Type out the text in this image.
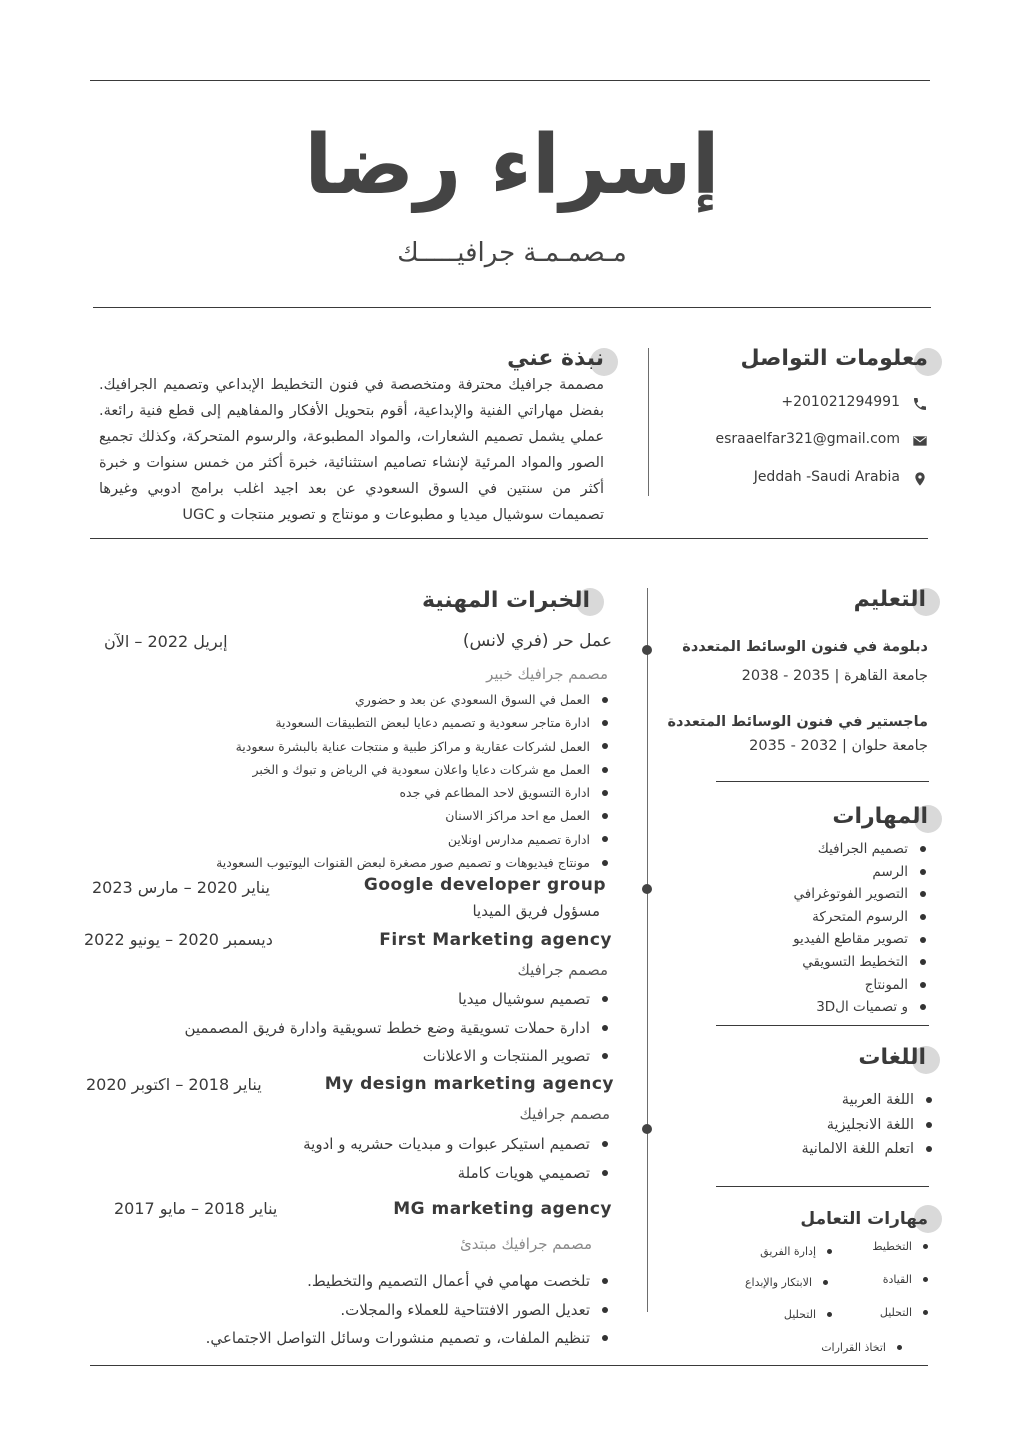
إسراء رضا
مـصمـمـة جرافيـــــك
نبذة عني
مصممة جرافيك محترفة ومتخصصة في فنون التخطيط الإبداعي وتصميم الجرافيك. بفضل مهاراتي الفنية والإبداعية، أقوم بتحويل الأفكار والمفاهيم إلى قطع فنية رائعة. عملي يشمل تصميم الشعارات، والمواد المطبوعة، والرسوم المتحركة، وكذلك تجميع الصور والمواد المرئية لإنشاء تصاميم استثنائية، خبرة أكثر من خمس سنوات و خبرة أكثر من سنتين في السوق السعودي عن بعد اجيد اغلب برامج ادوبي وغيرها تصميمات سوشيال ميديا و مطبوعات و مونتاج و تصوير منتجات و UGC
معلومات التواصل
+201021294991
esraaelfar321@gmail.com
Jeddah -Saudi Arabia
التعليم
دبلومة في فنون الوسائط المتعددة
جامعة القاهرة | 2035 - 2038
ماجستير في فنون الوسائط المتعددة
جامعة حلوان | 2032 - 2035
المهارات
تصميم الجرافيك
الرسم
التصوير الفوتوغرافي
الرسوم المتحركة
تصوير مقاطع الفيديو
التخطيط التسويقي
المونتاج
و تصميات ال3D
اللغات
اللغة العربية
اللغة الانجليزية
اتعلم اللغة الالمانية
مهارات التعامل
التخطيط
القيادة
التحليل
إدارة الفريق
الابتكار والإبداع
التحليل
اتخاذ القرارات
الخبرات المهنية
عمل حر (فري لانس)
إبريل 2022 – الآن
مصمم جرافيك خبير
العمل في السوق السعودي عن بعد و حضوري
ادارة متاجر سعودية و تصميم دعايا لبعض التطبيقات السعودية
العمل لشركات عقارية و مراكز طبية و منتجات عناية بالبشرة سعودية
العمل مع شركات دعايا واعلان سعودية في الرياض و تبوك و الخبر
ادارة التسويق لاحد المطاعم في جده
العمل مع احد مراكز الاسنان
ادارة تصميم مدارس اونلاين
مونتاج فيديوهات و تصميم صور مصغرة لبعض القنوات اليوتيوب السعودية
Google developer group
يناير 2020 – مارس 2023
مسؤول فريق الميديا
First Marketing agency
ديسمبر 2020 – يونيو 2022
مصمم جرافيك
تصميم سوشيال ميديا
ادارة حملات تسويقية وضع خطط تسويقية وادارة فريق المصممين
تصوير المنتجات و الاعلانات
My design marketing agency
يناير 2018 – اكتوبر 2020
مصمم جرافيك
تصميم استيكر عبوات و مبديات حشريه و ادوية
تصميمي هويات كاملة
MG marketing agency
يناير 2018 – مايو 2017
مصمم جرافيك مبتدئ
تلخصت مهامي في أعمال التصميم والتخطيط.
تعديل الصور الافتتاحية للعملاء والمجلات.
تنظيم الملفات، و تصميم منشورات وسائل التواصل الاجتماعي.
